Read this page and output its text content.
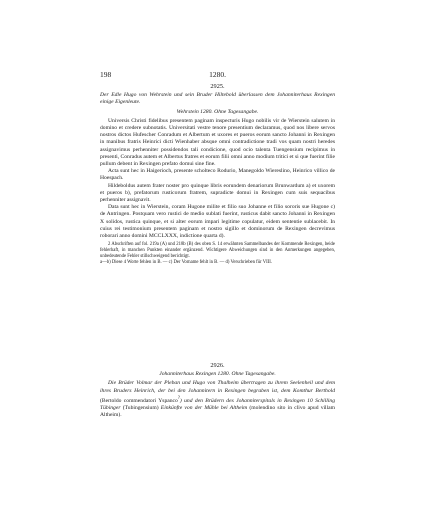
198	1280.
2925.
Der Edle Hugo von Wehrstein und sein Bruder Hiltebold überlassen dem Johanniterhaus Rexingen einige Eigenleute.
Wehrstein 1280. Ohne Tagesangabe.

Universis Christi fidelibus presentem paginam inspecturis Hugo nobilis vir de Wierstein salutem in domino et credere subnotatis. Universitati vestre tenore presentium declaramus, quod nos libere servos nostros dictos Hufescher Conradum et Albertum et uxores et pueros eorum sancto Johanni in Rexingen in manibus fratris Heinrici dicti Wienhaber absque omni contradictione tradi vos quam nostri heredes assignavimus perhenniter possidendos tali condicione, quod ocio talenta Tuengensium recipimus in presenti, Conradus autem et Albertus fratres et eorum filii omni anno modium tritici et si que fuerint filie pullum debent in Rexingen prefato domui sine fine.

Acta sunt hec in Haigerioch, presente scholteco Rodurio, Manegoldo Wiereslino, Heinrico villico de Hoespach.

Hildeboldus autem frater noster pro quinque libris eorundem denariorum Brunwardum a) et uxorem et pueros b), prefatorum rusticorum fratrem, supradicte domui in Rexingen cum suis sequacibus perhenniter assignavit.

Data sunt hec in Wierstein, coram Hugone milite et filio suo Johanne et filio sororis sue Hugone c) de Antringen. Postquam vero rustici de medio sublati fuerint, rusticus dabit sancto Johanni in Rexingen X solidos, rustica quinque, et si alter eorum impari legitime copulatur, eidem sententie sublacebit. In cuius rei testimonium presentem paginam et nostro sigillo et dominorum de Rexingen decrevimus roborari anno domini MCCLXXX, indictione quarta d).

2 Abschriften auf fol. 219a (A) und 218b (B) des oben S. 14 erwähnten Sammelbandes der Kommende Rexingen, beide fehlerhaft, in manchen Punkten einander ergänzend. Wichtigere Abweichungen sind in den Anmerkungen angegeben, unbedeutende Fehler stillschweigend berichtigt.

a—b) Diese 4 Worte fehlen in B. — c) Der Vorname fehlt in B. — d) Verschrieben für VIII.

2926.
Johanniterhaus Rexingen 1280. Ohne Tagesangabe.

Die Brüder Volmar der Pleban und Hugo von Thalheim übertragen zu ihrem Seelenheil und dem ihres Bruders Heinrich, der bei den Johannitern in Rexingen begraben ist, dem Komthur Berthold (Bertoldo commendatori Yspanco?) und den Brüdern des Johanniterspitals in Rexingen 10 Schilling Tübinger (Tubingensium) Einkünfte von der Mühle bei Altheim (molendino sito in clivo apud villam Altheim).
